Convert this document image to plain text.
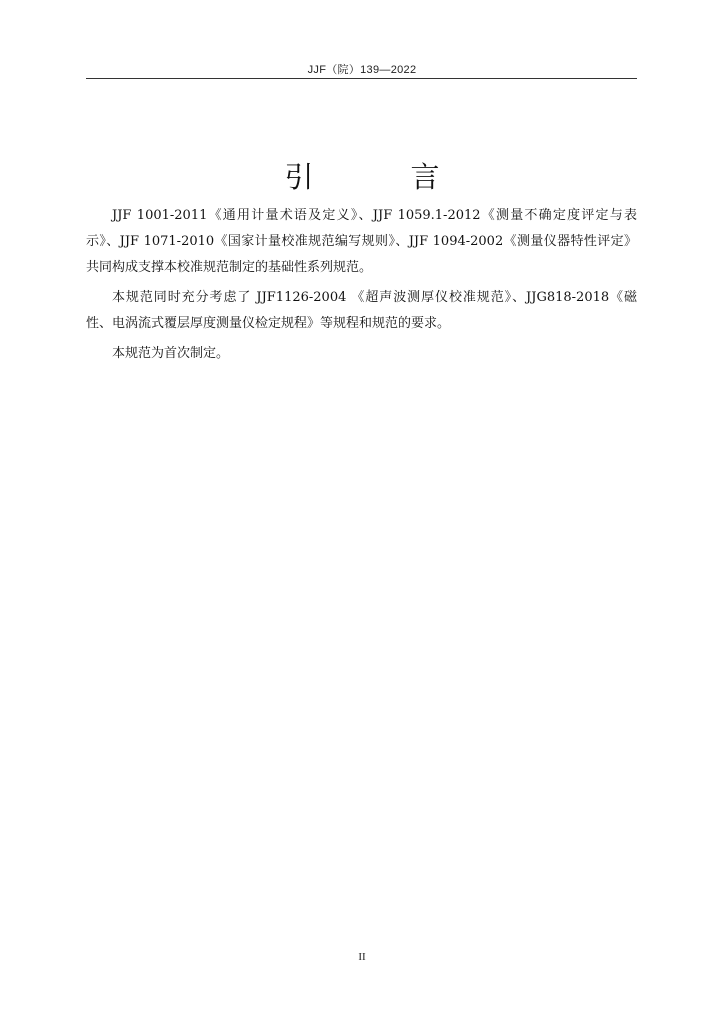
JJF（院）139—2022
引　言

JJF 1001-2011《通用计量术语及定义》、JJF 1059.1-2012《测量不确定度评定与表示》、JJF 1071-2010《国家计量校准规范编写规则》、JJF 1094-2002《测量仪器特性评定》共同构成支撑本校准规范制定的基础性系列规范。

本规范同时充分考虑了 JJF1126-2004 《超声波测厚仪校准规范》、JJG818-2018《磁性、电涡流式覆层厚度测量仪检定规程》等规程和规范的要求。

本规范为首次制定。

II
